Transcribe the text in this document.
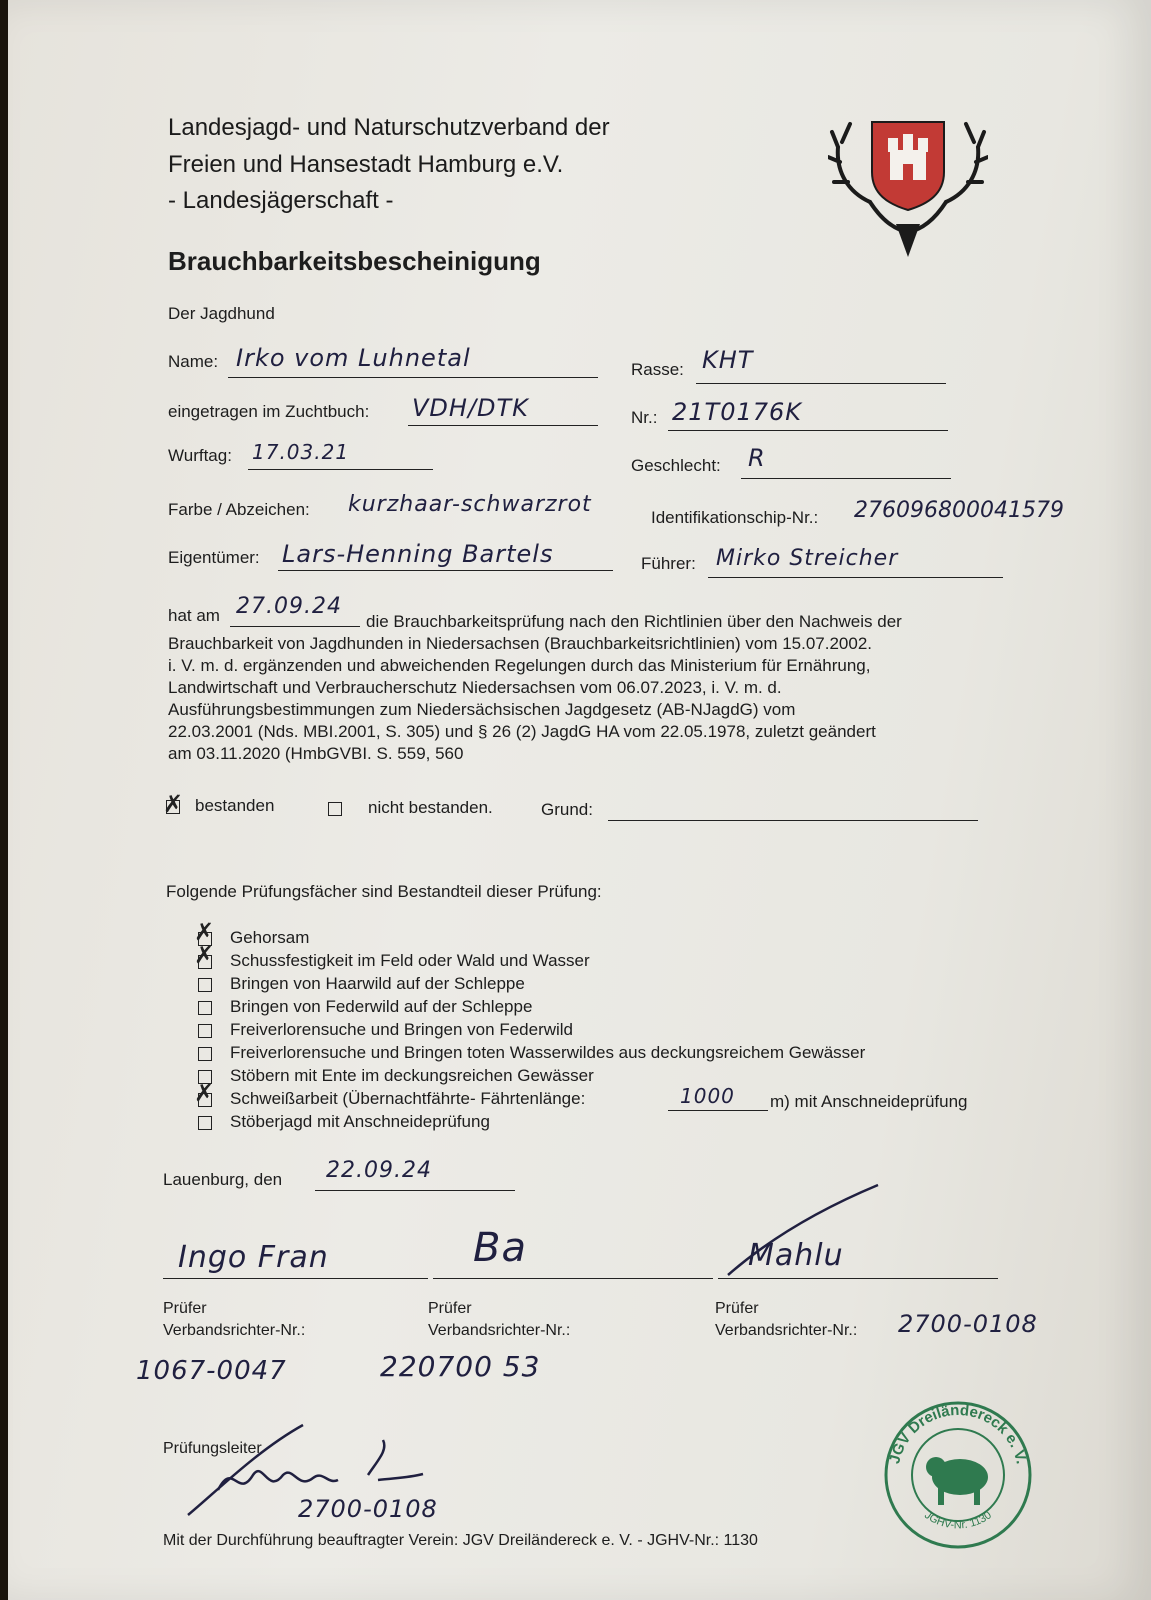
Landesjagd- und Naturschutzverband der
Freien und Hansestadt Hamburg e.V.
- Landesjägerschaft -
Brauchbarkeitsbescheinigung
Der Jagdhund
Name: Irko vom Luhnetal	Rasse: KHT
eingetragen im Zuchtbuch: VDH/DTK	Nr.: 21T0176K
Wurftag: 17.03.21
Geschlecht: R
Farbe / Abzeichen: kurzhaar-schwarzrot
Identifikationschip-Nr.: 276096800041579
Eigentümer: Lars-Henning Bartels	Führer: Mirko Streicher
hat am 27.09.24
die Brauchbarkeitsprüfung nach den Richtlinien über den Nachweis der
Brauchbarkeit von Jagdhunden in Niedersachsen (Brauchbarkeitsrichtlinien) vom 15.07.2002.
i. V. m. d. ergänzenden und abweichenden Regelungen durch das Ministerium für Ernährung,
Landwirtschaft und Verbraucherschutz Niedersachsen vom 06.07.2023, i. V. m. d.
Ausführungsbestimmungen zum Niedersächsischen Jagdgesetz (AB-NJagdG) vom
22.03.2001 (Nds. MBI.2001, S. 305) und § 26 (2) JagdG HA vom 22.05.1978, zuletzt geändert
am 03.11.2020 (HmbGVBI. S. 559, 560
✗ bestanden	nicht bestanden.	Grund:
Folgende Prüfungsfächer sind Bestandteil dieser Prüfung:
Gehorsam
✗
Schussfestigkeit im Feld oder Wald und Wasser
✗
Bringen von Haarwild auf der Schleppe
Bringen von Federwild auf der Schleppe
Freiverlorensuche und Bringen von Federwild
Freiverlorensuche und Bringen toten Wasserwildes aus deckungsreichem Gewässer
Stöbern mit Ente im deckungsreichen Gewässer
Schweißarbeit (Übernachtfährte- Fährtenlänge:
✗	1000 m) mit Anschneideprüfung
Stöberjagd mit Anschneideprüfung
Lauenburg, den 22.09.24
Ingo Fran	Ba	Mahlu
Prüfer
Verbandsrichter-Nr.:
1067-0047
Prüfer
Verbandsrichter-Nr.:
220700 53
Prüfer
Verbandsrichter-Nr.: 2700-0108
Prüfungsleiter
2700-0108
Mit der Durchführung beauftragter Verein: JGV Dreiländereck e. V. - JGHV-Nr.: 1130
JGV Dreiländereck e. V.
JGHV-Nr. 1130
